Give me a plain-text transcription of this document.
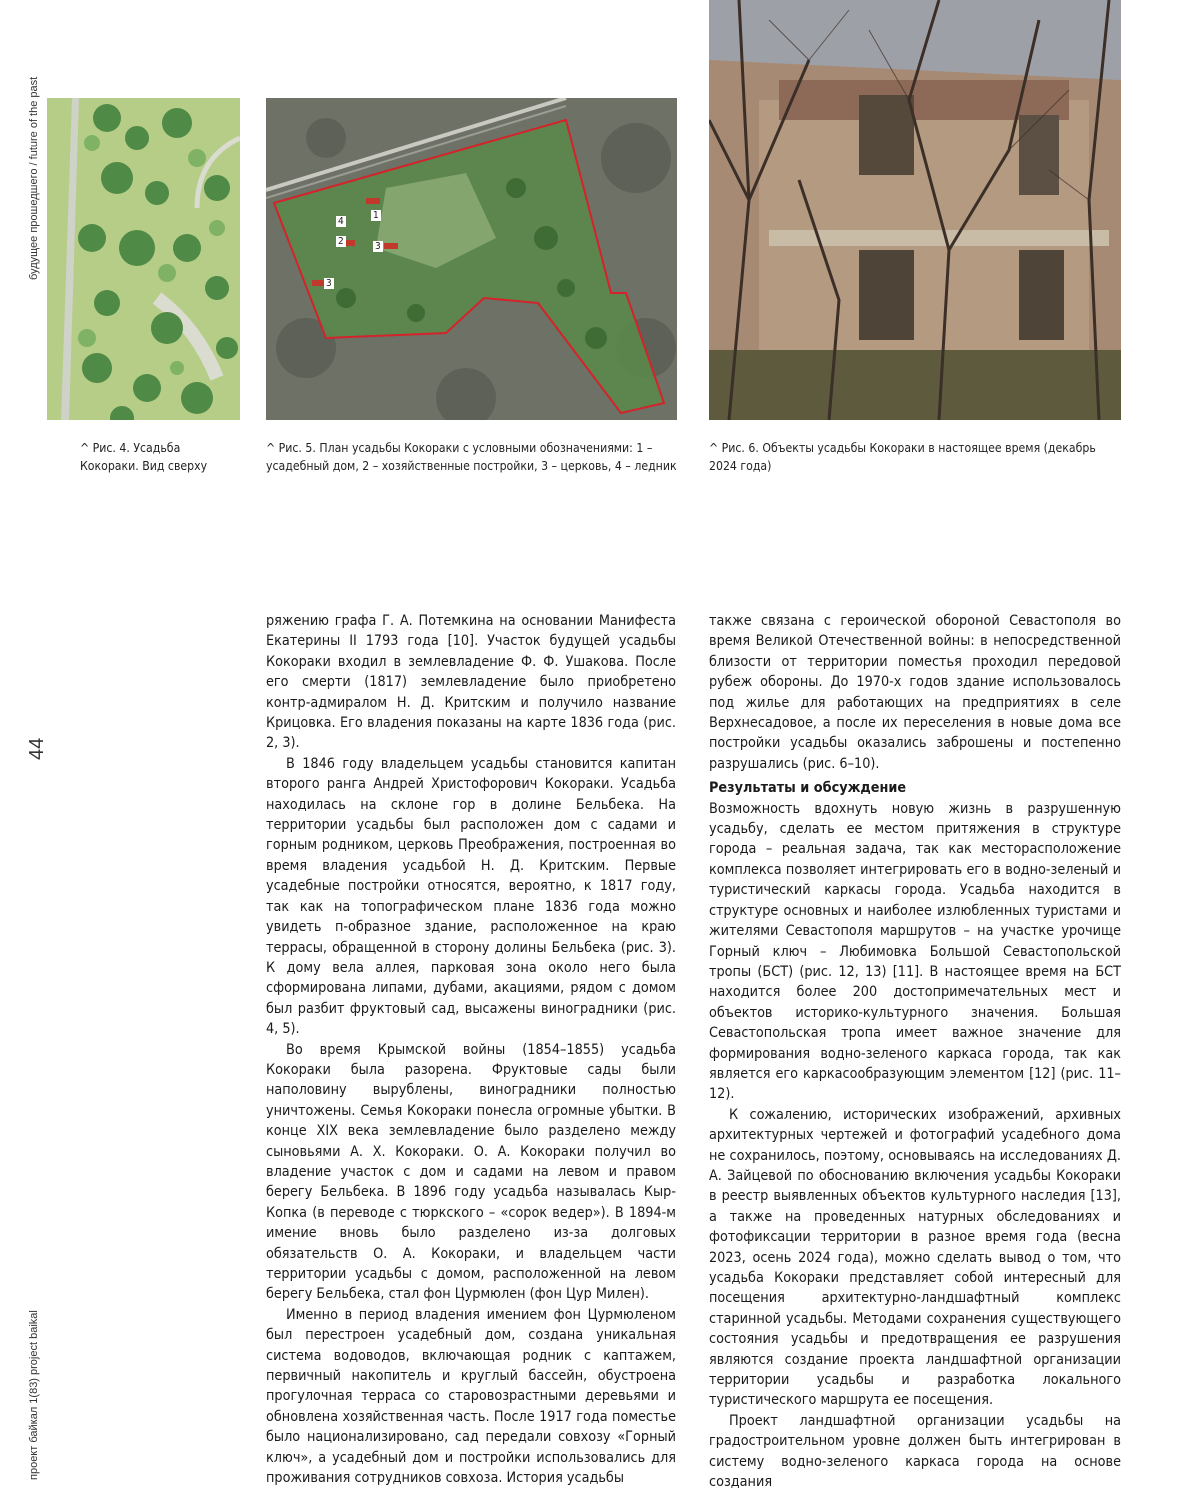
будущее прошедшего / future of the past
44
проект байкал 1(83) project baikal
1
4
2	3
3
^ Рис. 4. Усадьба Кокораки. Вид сверху
^ Рис. 5. План усадьбы Кокораки с условными обозначениями: 1 – усадебный дом, 2 – хозяйственные постройки, 3 – церковь, 4 – ледник
^ Рис. 6. Объекты усадьбы Кокораки в настоящее время (декабрь 2024 года)

ряжению графа Г. А. Потемкина на основании Манифеста Екатерины II 1793 года [10]. Участок будущей усадьбы Кокораки входил в землевладение Ф. Ф. Ушакова. После его смерти (1817) землевладение было приобретено контр-адмиралом Н. Д. Критским и получило название Крицовка. Его владения показаны на карте 1836 года (рис. 2, 3).

В 1846 году владельцем усадьбы становится капитан второго ранга Андрей Христофорович Кокораки. Усадьба находилась на склоне гор в долине Бельбека. На территории усадьбы был расположен дом с садами и горным родником, церковь Преображения, построенная во время владения усадьбой Н. Д. Критским. Первые усадебные постройки относятся, вероятно, к 1817 году, так как на топографическом плане 1836 года можно увидеть п-образное здание, расположенное на краю террасы, обращенной в сторону долины Бельбека (рис. 3). К дому вела аллея, парковая зона около него была сформирована липами, дубами, акациями, рядом с домом был разбит фруктовый сад, высажены виноградники (рис. 4, 5).

Во время Крымской войны (1854–1855) усадьба Кокораки была разорена. Фруктовые сады были наполовину вырублены, виноградники полностью уничтожены. Семья Кокораки понесла огромные убытки. В конце XIX века землевладение было разделено между сыновьями А. Х. Кокораки. О. А. Кокораки получил во владение участок с дом и садами на левом и правом берегу Бельбека. В 1896 году усадьба называлась Кыр-Копка (в переводе с тюркского – «сорок ведер»). В 1894-м имение вновь было разделено из-за долговых обязательств О. А. Кокораки, и владельцем части территории усадьбы с домом, расположенной на левом берегу Бельбека, стал фон Цурмюлен (фон Цур Милен).

Именно в период владения имением фон Цурмюленом был перестроен усадебный дом, создана уникальная система водоводов, включающая родник с каптажем, первичный накопитель и круглый бассейн, обустроена прогулочная терраса со старовозрастными деревьями и обновлена хозяйственная часть. После 1917 года поместье было национализировано, сад передали совхозу «Горный ключ», а усадебный дом и постройки использовались для проживания сотрудников совхоза. История усадьбы

также связана с героической обороной Севастополя во время Великой Отечественной войны: в непосредственной близости от территории поместья проходил передовой рубеж обороны. До 1970-х годов здание использовалось под жилье для работающих на предприятиях в селе Верхнесадовое, а после их переселения в новые дома все постройки усадьбы оказались заброшены и постепенно разрушались (рис. 6–10).

Результаты и обсуждение

Возможность вдохнуть новую жизнь в разрушенную усадьбу, сделать ее местом притяжения в структуре города – реальная задача, так как месторасположение комплекса позволяет интегрировать его в водно-зеленый и туристический каркасы города. Усадьба находится в структуре основных и наиболее излюбленных туристами и жителями Севастополя маршрутов – на участке урочище Горный ключ – Любимовка Большой Севастопольской тропы (БСТ) (рис. 12, 13) [11]. В настоящее время на БСТ находится более 200 достопримечательных мест и объектов историко-культурного значения. Большая Севастопольская тропа имеет важное значение для формирования водно-зеленого каркаса города, так как является его каркасообразующим элементом [12] (рис. 11–12).

К сожалению, исторических изображений, архивных архитектурных чертежей и фотографий усадебного дома не сохранилось, поэтому, основываясь на исследованиях Д. А. Зайцевой по обоснованию включения усадьбы Кокораки в реестр выявленных объектов культурного наследия [13], а также на проведенных натурных обследованиях и фотофиксации территории в разное время года (весна 2023, осень 2024 года), можно сделать вывод о том, что усадьба Кокораки представляет собой интересный для посещения архитектурно-ландшафтный комплекс старинной усадьбы. Методами сохранения существующего состояния усадьбы и предотвращения ее разрушения являются создание проекта ландшафтной организации территории усадьбы и разработка локального туристического маршрута ее посещения.

Проект ландшафтной организации усадьбы на градостроительном уровне должен быть интегрирован в систему водно-зеленого каркаса города на основе создания
